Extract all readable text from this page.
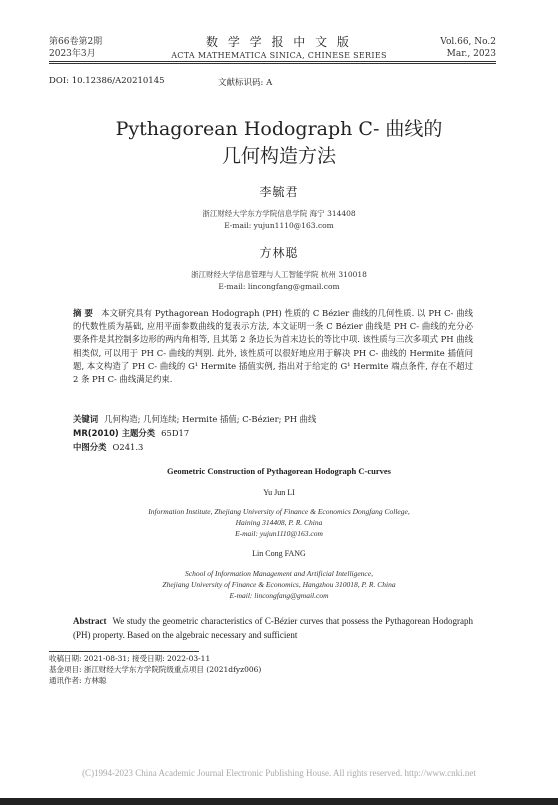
第66卷第2期
2023年3月
数 学 学 报 中 文 版
ACTA MATHEMATICA SINICA, CHINESE SERIES
Vol.66, No.2
Mar., 2023
DOI: 10.12386/A20210145	文献标识码: A
Pythagorean Hodograph C- 曲线的
几何构造方法
李毓君
浙江财经大学东方学院信息学院 海宁 314408
E-mail: yujun1110@163.com
方林聪
浙江财经大学信息管理与人工智能学院 杭州 310018
E-mail: lincongfang@gmail.com
摘 要 本文研究具有 Pythagorean Hodograph (PH) 性质的 C Bézier 曲线的几何性质. 以 PH C- 曲线的代数性质为基础, 应用平面参数曲线的复表示方法, 本文证明一条 C Bézier 曲线是 PH C- 曲线的充分必要条件是其控制多边形的两内角相等, 且其第 2 条边长为首末边长的等比中项. 该性质与三次多项式 PH 曲线相类似, 可以用于 PH C- 曲线的判别. 此外, 该性质可以很好地应用于解决 PH C- 曲线的 Hermite 插值问题, 本文构造了 PH C- 曲线的 G¹ Hermite 插值实例, 指出对于给定的 G¹ Hermite 端点条件, 存在不超过 2 条 PH C- 曲线满足约束.
关键词 几何构造; 几何连续; Hermite 插值; C-Bézier; PH 曲线
MR(2010) 主题分类 65D17
中图分类 O241.3
Geometric Construction of Pythagorean Hodograph C-curves
Yu Jun LI
Information Institute, Zhejiang University of Finance & Economics Dongfang College,
Haining 314408, P. R. China
E-mail: yujun1110@163.com
Lin Cong FANG
School of Information Management and Artificial Intelligence,
Zhejiang University of Finance & Economics, Hangzhou 310018, P. R. China
E-mail: lincongfang@gmail.com
Abstract We study the geometric characteristics of C-Bézier curves that possess the Pythagorean Hodograph (PH) property. Based on the algebraic necessary and sufficient
收稿日期: 2021-08-31; 接受日期: 2022-03-11
基金项目: 浙江财经大学东方学院院级重点项目 (2021dfyz006)
通讯作者: 方林聪
(C)1994-2023 China Academic Journal Electronic Publishing House. All rights reserved. http://www.cnki.net
